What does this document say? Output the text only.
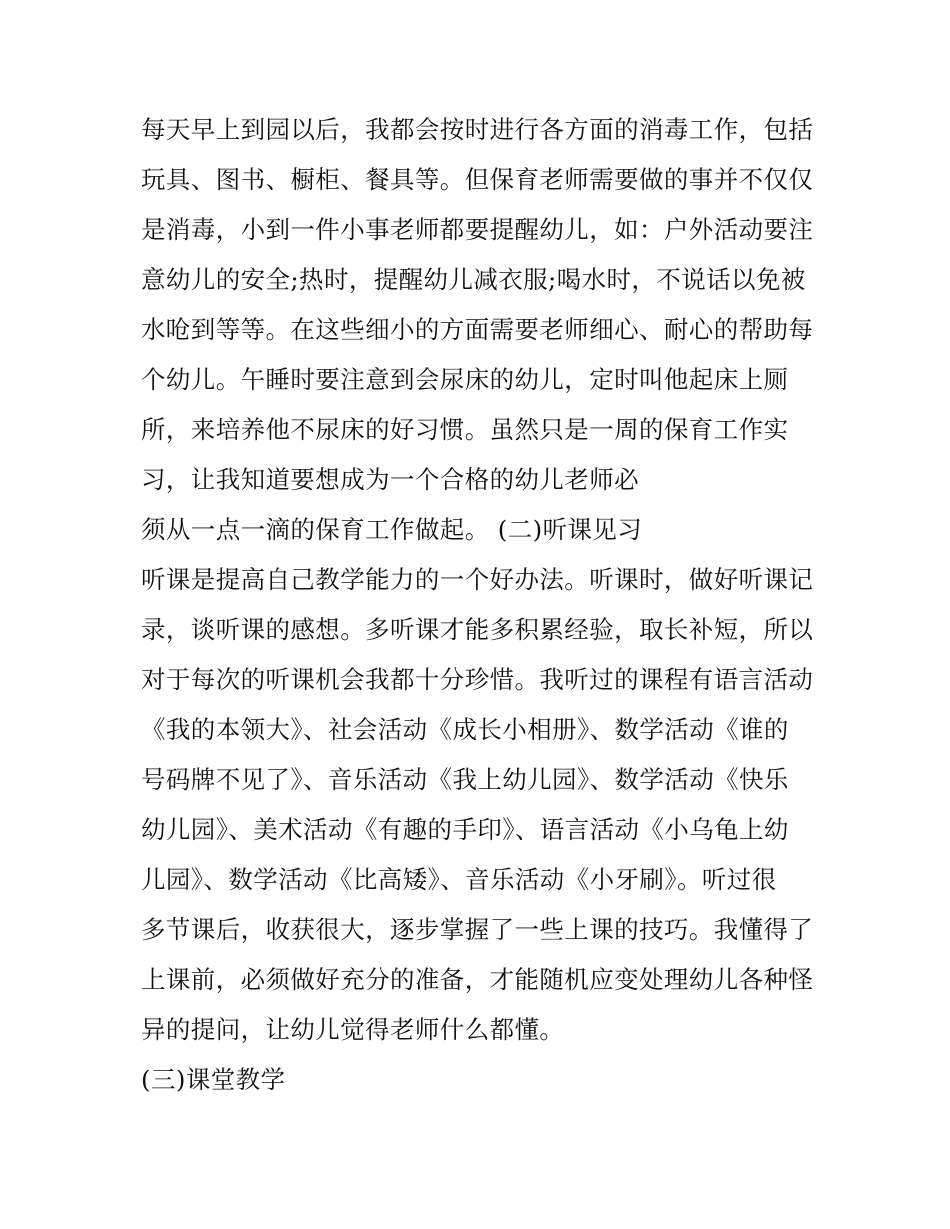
每天早上到园以后，我都会按时进行各方面的消毒工作，包括
玩具、图书、橱柜、餐具等。但保育老师需要做的事并不仅仅
是消毒，小到一件小事老师都要提醒幼儿，如：户外活动要注
意幼儿的安全;热时，提醒幼儿减衣服;喝水时，不说话以免被
水呛到等等。在这些细小的方面需要老师细心、耐心的帮助每
个幼儿。午睡时要注意到会尿床的幼儿，定时叫他起床上厕
所，来培养他不尿床的好习惯。虽然只是一周的保育工作实
习，让我知道要想成为一个合格的幼儿老师必
须从一点一滴的保育工作做起。 (二)听课见习
听课是提高自己教学能力的一个好办法。听课时，做好听课记
录，谈听课的感想。多听课才能多积累经验，取长补短，所以
对于每次的听课机会我都十分珍惜。我听过的课程有语言活动
《我的本领大》、社会活动《成长小相册》、数学活动《谁的
号码牌不见了》、音乐活动《我上幼儿园》、数学活动《快乐
幼儿园》、美术活动《有趣的手印》、语言活动《小乌龟上幼
儿园》、数学活动《比高矮》、音乐活动《小牙刷》。听过很
多节课后，收获很大，逐步掌握了一些上课的技巧。我懂得了
上课前，必须做好充分的准备，才能随机应变处理幼儿各种怪
异的提问，让幼儿觉得老师什么都懂。
(三)课堂教学
